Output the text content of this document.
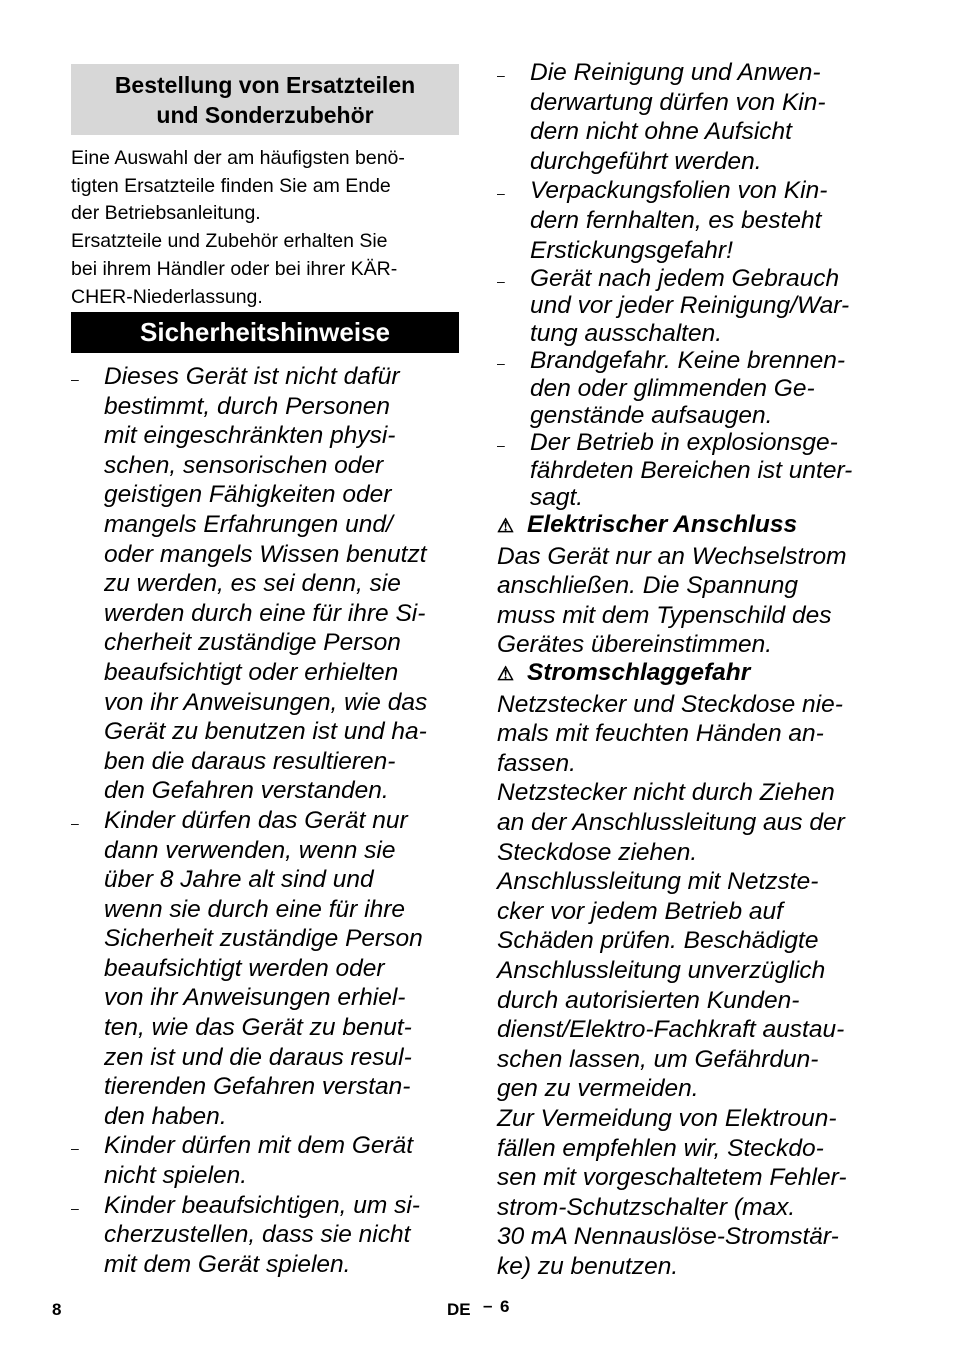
Bestellung von Ersatzteilen
und Sonderzubehör
Eine Auswahl der am häufigsten benö-
tigten Ersatzteile finden Sie am Ende
der Betriebsanleitung.
Ersatzteile und Zubehör erhalten Sie
bei ihrem Händler oder bei ihrer KÄR-
CHER-Niederlassung.
Sicherheitshinweise
– Dieses Gerät ist nicht dafür
bestimmt, durch Personen
mit eingeschränkten physi-
schen, sensorischen oder
geistigen Fähigkeiten oder
mangels Erfahrungen und/
oder mangels Wissen benutzt
zu werden, es sei denn, sie
werden durch eine für ihre Si-
cherheit zuständige Person
beaufsichtigt oder erhielten
von ihr Anweisungen, wie das
Gerät zu benutzen ist und ha-
ben die daraus resultieren-
den Gefahren verstanden.
– Kinder dürfen das Gerät nur
dann verwenden, wenn sie
über 8 Jahre alt sind und
wenn sie durch eine für ihre
Sicherheit zuständige Person
beaufsichtigt werden oder
von ihr Anweisungen erhiel-
ten, wie das Gerät zu benut-
zen ist und die daraus resul-
tierenden Gefahren verstan-
den haben.
– Kinder dürfen mit dem Gerät
nicht spielen.
– Kinder beaufsichtigen, um si-
cherzustellen, dass sie nicht
mit dem Gerät spielen.
– Die Reinigung und Anwen-
derwartung dürfen von Kin-
dern nicht ohne Aufsicht
durchgeführt werden.
– Verpackungsfolien von Kin-
dern fernhalten, es besteht
Erstickungsgefahr!
– Gerät nach jedem Gebrauch
und vor jeder Reinigung/War-
tung ausschalten.
– Brandgefahr. Keine brennen-
den oder glimmenden Ge-
genstände aufsaugen.
– Der Betrieb in explosionsge-
fährdeten Bereichen ist unter-
sagt.
⚠ Elektrischer Anschluss
Das Gerät nur an Wechselstrom
anschließen. Die Spannung
muss mit dem Typenschild des
Gerätes übereinstimmen.
⚠ Stromschlaggefahr
Netzstecker und Steckdose nie-
mals mit feuchten Händen an-
fassen.
Netzstecker nicht durch Ziehen
an der Anschlussleitung aus der
Steckdose ziehen.
Anschlussleitung mit Netzste-
cker vor jedem Betrieb auf
Schäden prüfen. Beschädigte
Anschlussleitung unverzüglich
durch autorisierten Kunden-
dienst/Elektro-Fachkraft austau-
schen lassen, um Gefährdun-
gen zu vermeiden.
Zur Vermeidung von Elektroun-
fällen empfehlen wir, Steckdo-
sen mit vorgeschaltetem Fehler-
strom-Schutzschalter (max.
30 mA Nennauslöse-Stromstär-
ke) zu benutzen.
8	DE – 6
